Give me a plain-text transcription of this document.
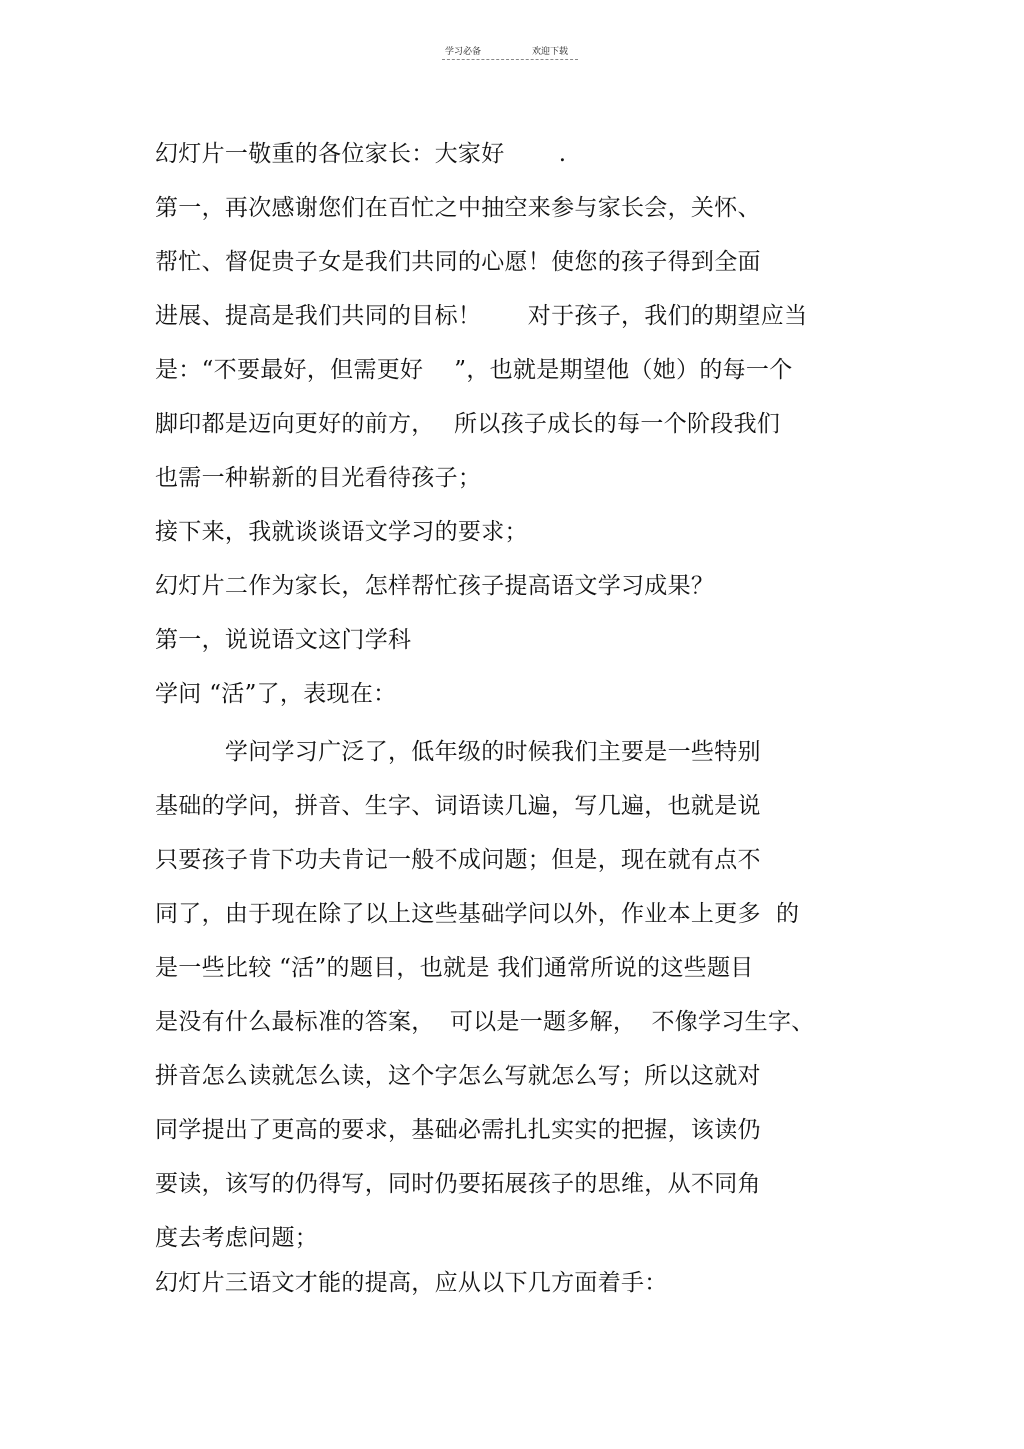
学习必备	欢迎下载
幻灯片一敬重的各位家长：大家好　　 .
第一，再次感谢您们在百忙之中抽空来参与家长会，关怀、
帮忙、督促贵子女是我们共同的心愿！使您的孩子得到全面
进展、提高是我们共同的目标！　　对于孩子，我们的期望应当
是：“不要最好，但需更好　 ”，也就是期望他（她）的每一个
脚印都是迈向更好的前方，　 所以孩子成长的每一个阶段我们
也需一种崭新的目光看待孩子；
接下来，我就谈谈语文学习的要求；
幻灯片二作为家长，怎样帮忙孩子提高语文学习成果？
第一，说说语文这门学科
学问 “活”了，表现在：
　　　学问学习广泛了，低年级的时候我们主要是一些特别
基础的学问，拼音、生字、词语读几遍，写几遍，也就是说
只要孩子肯下功夫肯记一般不成问题；但是，现在就有点不
同了，由于现在除了以上这些基础学问以外，作业本上更多  的
是一些比较 “活”的题目，也就是 我们通常所说的这些题目
是没有什么最标准的答案，  可以是一题多解，  不像学习生字、
拼音怎么读就怎么读，这个字怎么写就怎么写；所以这就对
同学提出了更高的要求，基础必需扎扎实实的把握，该读仍
要读，该写的仍得写，同时仍要拓展孩子的思维，从不同角
度去考虑问题；
幻灯片三语文才能的提高，应从以下几方面着手：
